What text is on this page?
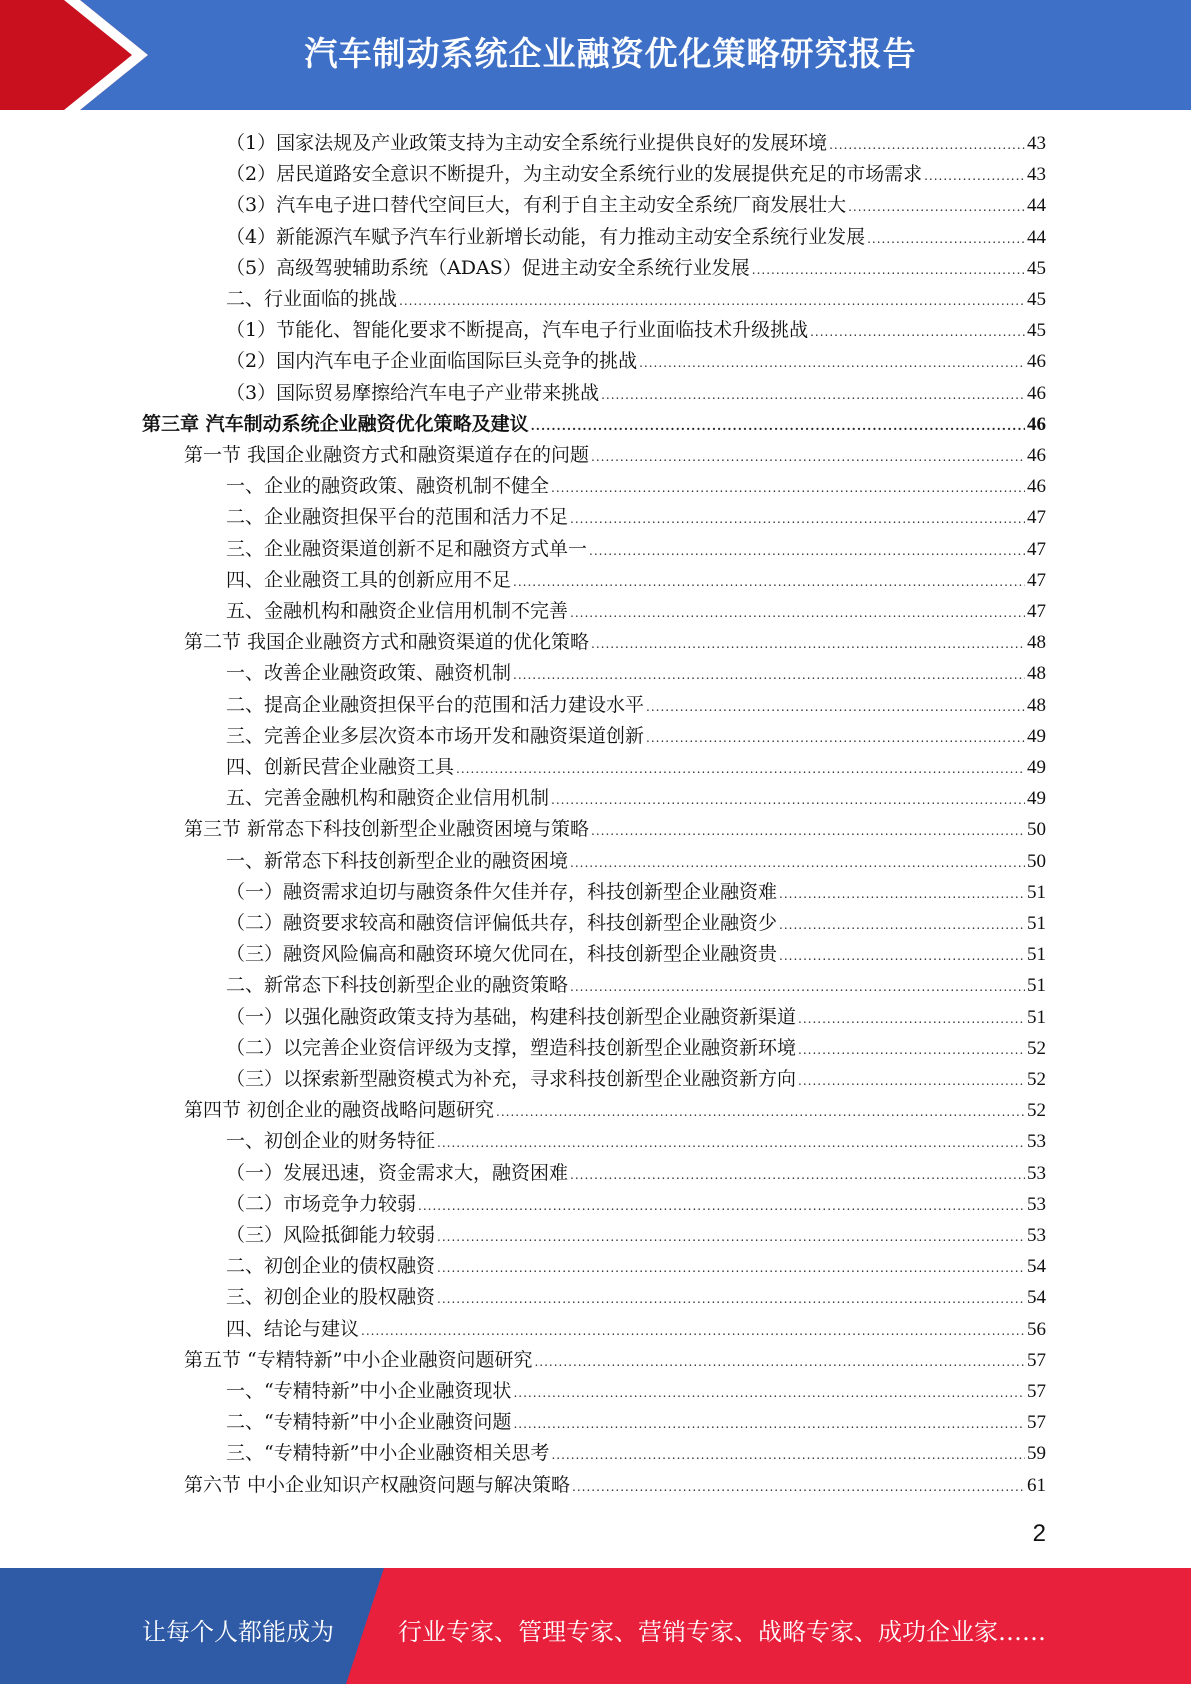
汽车制动系统企业融资优化策略研究报告
（1）国家法规及产业政策支持为主动安全系统行业提供良好的发展环境 .....	43
（2）居民道路安全意识不断提升，为主动安全系统行业的发展提供充足的市场需求 .....	43
（3）汽车电子进口替代空间巨大，有利于自主主动安全系统厂商发展壮大 .....	44
（4）新能源汽车赋予汽车行业新增长动能，有力推动主动安全系统行业发展 .....	44
（5）高级驾驶辅助系统（ADAS）促进主动安全系统行业发展 .....	45
二、行业面临的挑战 .....	45
（1）节能化、智能化要求不断提高，汽车电子行业面临技术升级挑战 .....	45
（2）国内汽车电子企业面临国际巨头竞争的挑战 .....	46
（3）国际贸易摩擦给汽车电子产业带来挑战 .....	46
第三章 汽车制动系统企业融资优化策略及建议 .....	46
第一节 我国企业融资方式和融资渠道存在的问题 .....	46
一、企业的融资政策、融资机制不健全 .....	46
二、企业融资担保平台的范围和活力不足 .....	47
三、企业融资渠道创新不足和融资方式单一 .....	47
四、企业融资工具的创新应用不足 .....	47
五、金融机构和融资企业信用机制不完善 .....	47
第二节 我国企业融资方式和融资渠道的优化策略 .....	48
一、改善企业融资政策、融资机制 .....	48
二、提高企业融资担保平台的范围和活力建设水平 .....	48
三、完善企业多层次资本市场开发和融资渠道创新 .....	49
四、创新民营企业融资工具 .....	49
五、完善金融机构和融资企业信用机制 .....	49
第三节 新常态下科技创新型企业融资困境与策略 .....	50
一、新常态下科技创新型企业的融资困境 .....	50
（一）融资需求迫切与融资条件欠佳并存，科技创新型企业融资难 .....	51
（二）融资要求较高和融资信评偏低共存，科技创新型企业融资少 .....	51
（三）融资风险偏高和融资环境欠优同在，科技创新型企业融资贵 .....	51
二、新常态下科技创新型企业的融资策略 .....	51
（一）以强化融资政策支持为基础，构建科技创新型企业融资新渠道 .....	51
（二）以完善企业资信评级为支撑，塑造科技创新型企业融资新环境 .....	52
（三）以探索新型融资模式为补充，寻求科技创新型企业融资新方向 .....	52
第四节 初创企业的融资战略问题研究 .....	52
一、初创企业的财务特征 .....	53
（一）发展迅速，资金需求大，融资困难 .....	53
（二）市场竞争力较弱 .....	53
（三）风险抵御能力较弱 .....	53
二、初创企业的债权融资 .....	54
三、初创企业的股权融资 .....	54
四、结论与建议 .....	56
第五节 “专精特新”中小企业融资问题研究 .....	57
一、“专精特新”中小企业融资现状 .....	57
二、“专精特新”中小企业融资问题 .....	57
三、“专精特新”中小企业融资相关思考 .....	59
第六节 中小企业知识产权融资问题与解决策略 .....	61
2
让每个人都能成为	行业专家、管理专家、营销专家、战略专家、成功企业家……
